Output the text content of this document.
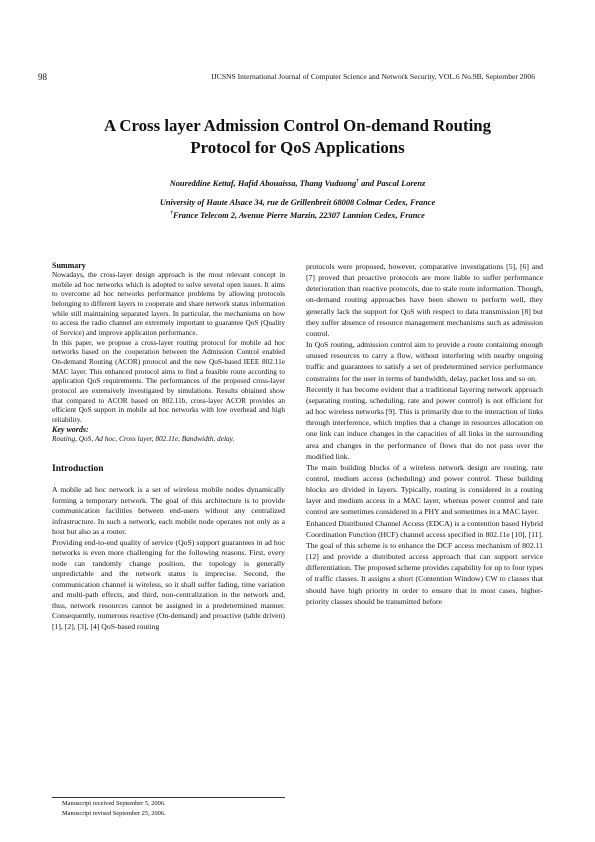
98	IJCSNS International Journal of Computer Science and Network Security, VOL.6 No.9B, September 2006
A Cross layer Admission Control On-demand Routing
Protocol for QoS Applications
Noureddine Kettaf, Hafid Abouaissa, Thang Vuduong† and Pascal Lorenz
University of Haute Alsace 34, rue de Grillenbreit 68008 Colmar Cedex, France
†France Telecom 2, Avenue Pierre Marzin, 22307 Lannion Cedex, France
Summary

Nowadays, the cross-layer design approach is the most relevant concept in mobile ad hoc networks which is adopted to solve several open issues. It aims to overcome ad hoc networks performance problems by allowing protocols belonging to different layers to cooperate and share network status information while still maintaining separated layers. In particular, the mechanisms on how to access the radio channel are extremely important to guarantee QoS (Quality of Service) and improve application performance.

In this paper, we propose a cross-layer routing protocol for mobile ad hoc networks based on the cooperation between the Admission Control enabled On-demand Routing (ACOR) protocol and the new QoS-based IEEE 802.11e MAC layer. This enhanced protocol aims to find a feasible route according to application QoS requirements. The performances of the proposed cross-layer protocol are extensively investigated by simulations. Results obtained show that compared to ACOR based on 802.11b, cross-layer ACOR provides an efficient QoS support in mobile ad hoc networks with low overhead and high reliability.

Key words:

Routing, QoS, Ad hoc, Cross layer, 802.11e, Bandwidth, delay.

Introduction

A mobile ad hoc network is a set of wireless mobile nodes dynamically forming a temporary network. The goal of this architecture is to provide communication facilities between end-users without any centralized infrastructure. In such a network, each mobile node operates not only as a host but also as a router.

Providing end-to-end quality of service (QoS) support guarantees in ad hoc networks is even more challenging for the following reasons. First, every node can randomly change position, the topology is generally unpredictable and the network status is imprecise. Second, the communication channel is wireless, so it shall suffer fading, time variation and multi-path effects, and third, non-centralization in the network and, thus, network resources cannot be assigned in a predetermined manner. Consequently, numerous reactive (On-demand) and proactive (table driven) [1], [2], [3], [4] QoS-based routing

protocols were proposed, however, comparative investigations [5], [6] and [7] proved that proactive protocols are more liable to suffer performance deterioration than reactive protocols, due to stale route information. Though, on-demand routing approaches have been shown to perform well, they generally lack the support for QoS with respect to data transmission [8] but they suffer absence of resource management mechanisms such as admission control.

In QoS routing, admission control aim to provide a route containing enough unused resources to carry a flow, without interfering with nearby ongoing traffic and guarantees to satisfy a set of predetermined service performance constraints for the user in terms of bandwidth, delay, packet loss and so on.

Recently it has become evident that a traditional layering network approach (separating routing, scheduling, rate and power control) is not efficient for ad hoc wireless networks [9]. This is primarily due to the interaction of links through interference, which implies that a change in resources allocation on one link can induce changes in the capacities of all links in the surrounding area and changes in the performance of flows that do not pass over the modified link.

The main building blocks of a wireless network design are routing, rate control, medium access (scheduling) and power control. These building blocks are divided in layers. Typically, routing is considered in a routing layer and medium access in a MAC layer, whereas power control and rate control are sometimes considered in a PHY and sometimes in a MAC layer.

Enhanced Distributed Channel Access (EDCA) is a contention based Hybrid Coordination Function (HCF) channel access specified in 802.11e [10], [11]. The goal of this scheme is to enhance the DCF access mechanism of 802.11 [12] and provide a distributed access approach that can support service differentiation. The proposed scheme provides capability for up to four types of traffic classes. It assigns a short (Contention Window) CW to classes that should have high priority in order to ensure that in most cases, higher-priority classes should be transmitted before

Manuscript received September 5, 2006.
Manuscript revised September 25, 2006.
